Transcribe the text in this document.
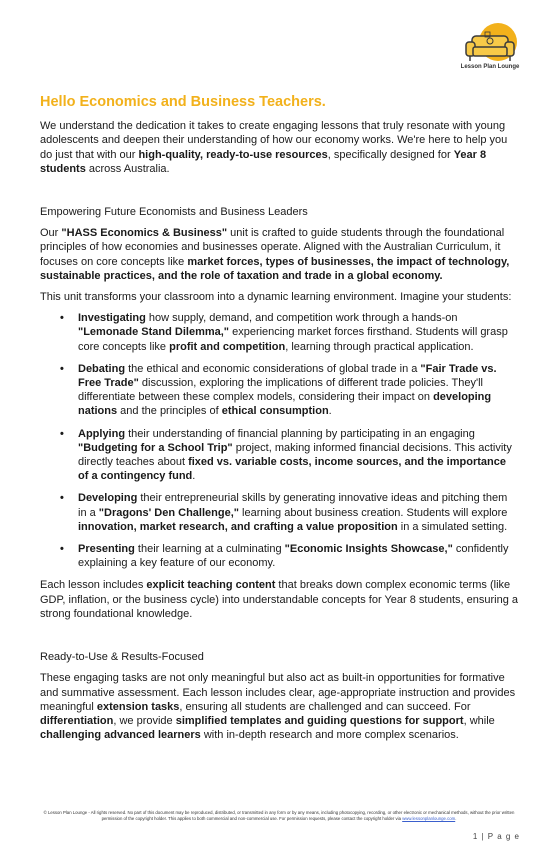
Lesson Plan Lounge
Hello Economics and Business Teachers.

We understand the dedication it takes to create engaging lessons that truly resonate with young adolescents and deepen their understanding of how our economy works. We're here to help you do just that with our high-quality, ready-to-use resources, specifically designed for Year 8 students across Australia.

Empowering Future Economists and Business Leaders

Our "HASS Economics & Business" unit is crafted to guide students through the foundational principles of how economies and businesses operate. Aligned with the Australian Curriculum, it focuses on core concepts like market forces, types of businesses, the impact of technology, sustainable practices, and the role of taxation and trade in a global economy.

This unit transforms your classroom into a dynamic learning environment. Imagine your students:

• Investigating how supply, demand, and competition work through a hands-on "Lemonade Stand Dilemma," experiencing market forces firsthand. Students will grasp core concepts like profit and competition, learning through practical application.
• Debating the ethical and economic considerations of global trade in a "Fair Trade vs. Free Trade" discussion, exploring the implications of different trade policies. They'll differentiate between these complex models, considering their impact on developing nations and the principles of ethical consumption.
• Applying their understanding of financial planning by participating in an engaging "Budgeting for a School Trip" project, making informed financial decisions. This activity directly teaches about fixed vs. variable costs, income sources, and the importance of a contingency fund.
• Developing their entrepreneurial skills by generating innovative ideas and pitching them in a "Dragons' Den Challenge," learning about business creation. Students will explore innovation, market research, and crafting a value proposition in a simulated setting.
• Presenting their learning at a culminating "Economic Insights Showcase," confidently explaining a key feature of our economy.

Each lesson includes explicit teaching content that breaks down complex economic terms (like GDP, inflation, or the business cycle) into understandable concepts for Year 8 students, ensuring a strong foundational knowledge.

Ready-to-Use & Results-Focused

These engaging tasks are not only meaningful but also act as built-in opportunities for formative and summative assessment. Each lesson includes clear, age-appropriate instruction and provides meaningful extension tasks, ensuring all students are challenged and can succeed. For differentiation, we provide simplified templates and guiding questions for support, while challenging advanced learners with in-depth research and more complex scenarios.

© Lesson Plan Lounge - All rights reserved. No part of this document may be reproduced, distributed, or transmitted in any form or by any means, including photocopying, recording, or other electronic or mechanical methods, without the prior written permission of the copyright holder. This applies to both commercial and non-commercial use. For permission requests, please contact the copyright holder via www.lessonplanlounge.com.
1 | P a g e
